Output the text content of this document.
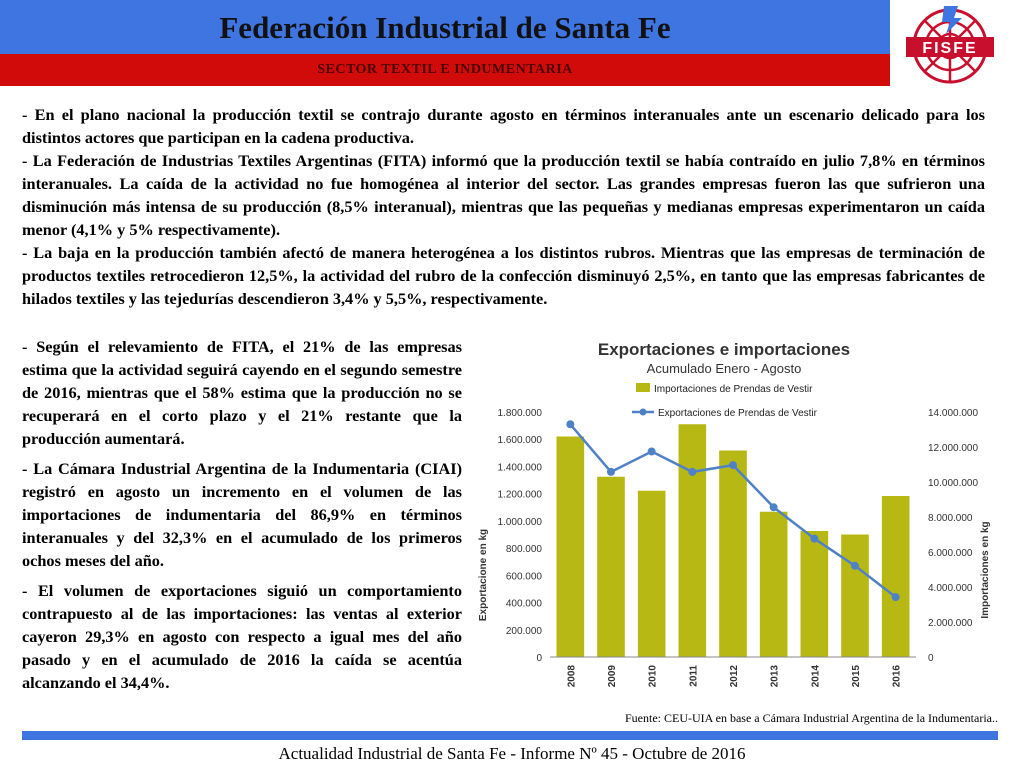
Federación Industrial de Santa Fe
SECTOR TEXTIL E INDUMENTARIA
FISFE

- En el plano nacional la producción textil se contrajo durante agosto en términos interanuales ante un escenario delicado para los distintos actores que participan en la cadena productiva.

- La Federación de Industrias Textiles Argentinas (FITA) informó que la producción textil se había contraído en julio 7,8% en términos interanuales. La caída de la actividad no fue homogénea al interior del sector. Las grandes empresas fueron las que sufrieron una disminución más intensa de su producción (8,5% interanual), mientras que las pequeñas y medianas empresas experimentaron un caída menor (4,1% y 5% respectivamente).

- La baja en la producción también afectó de manera heterogénea a los distintos rubros. Mientras que las empresas de terminación de productos textiles retrocedieron 12,5%, la actividad del rubro de la confección disminuyó 2,5%, en tanto que las empresas fabricantes de hilados textiles y las tejedurías descendieron 3,4% y 5,5%, respectivamente.

- Según el relevamiento de FITA, el 21% de las empresas estima que la actividad seguirá cayendo en el segundo semestre de 2016, mientras que el 58% estima que la producción no se recuperará en el corto plazo y el 21% restante que la producción aumentará.

- La Cámara Industrial Argentina de la Indumentaria (CIAI) registró en agosto un incremento en el volumen de las importaciones de indumentaria del 86,9% en términos interanuales y del 32,3% en el acumulado de los primeros ochos meses del año.

- El volumen de exportaciones siguió un comportamiento contrapuesto al de las importaciones: las ventas al exterior cayeron 29,3% en agosto con respecto a igual mes del año pasado y en el acumulado de 2016 la caída se acentúa alcanzando el 34,4%.

Exportaciones e importaciones
Acumulado Enero - Agosto
Importaciones de Prendas de Vestir
Exportaciones de Prendas de Vestir
Exportacione en kg	Importaciones en kg
0
200.000
400.000
600.000
800.000
1.000.000
1.200.000
1.400.000
1.600.000
1.800.000
0
2.000.000
4.000.000
6.000.000
8.000.000
10.000.000
12.000.000
14.000.000
2008	2009	2010	2011	2012	2013	2014	2015	2016
Fuente: CEU-UIA en base a Cámara Industrial Argentina de la Indumentaria..
Actualidad Industrial de Santa Fe - Informe Nº 45 - Octubre de 2016
